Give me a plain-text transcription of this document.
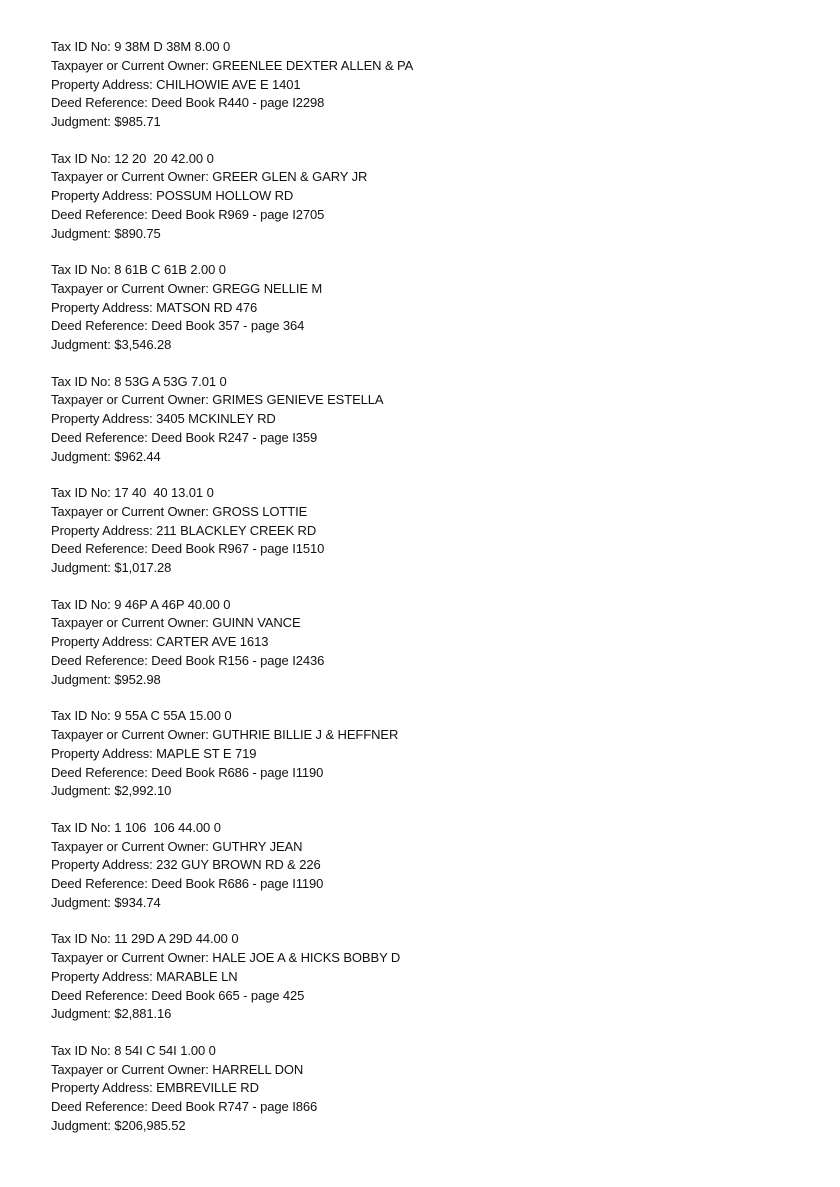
Tax ID No: 9 38M D 38M 8.00 0
Taxpayer or Current Owner: GREENLEE DEXTER ALLEN & PA
Property Address: CHILHOWIE AVE E 1401
Deed Reference: Deed Book R440 - page I2298
Judgment: $985.71
Tax ID No: 12 20  20 42.00 0
Taxpayer or Current Owner: GREER GLEN & GARY JR
Property Address: POSSUM HOLLOW RD
Deed Reference: Deed Book R969 - page I2705
Judgment: $890.75
Tax ID No: 8 61B C 61B 2.00 0
Taxpayer or Current Owner: GREGG NELLIE M
Property Address: MATSON RD 476
Deed Reference: Deed Book 357 - page 364
Judgment: $3,546.28
Tax ID No: 8 53G A 53G 7.01 0
Taxpayer or Current Owner: GRIMES GENIEVE ESTELLA
Property Address: 3405 MCKINLEY RD
Deed Reference: Deed Book R247 - page I359
Judgment: $962.44
Tax ID No: 17 40  40 13.01 0
Taxpayer or Current Owner: GROSS LOTTIE
Property Address: 211 BLACKLEY CREEK RD
Deed Reference: Deed Book R967 - page I1510
Judgment: $1,017.28
Tax ID No: 9 46P A 46P 40.00 0
Taxpayer or Current Owner: GUINN VANCE
Property Address: CARTER AVE 1613
Deed Reference: Deed Book R156 - page I2436
Judgment: $952.98
Tax ID No: 9 55A C 55A 15.00 0
Taxpayer or Current Owner: GUTHRIE BILLIE J & HEFFNER
Property Address: MAPLE ST E 719
Deed Reference: Deed Book R686 - page I1190
Judgment: $2,992.10
Tax ID No: 1 106  106 44.00 0
Taxpayer or Current Owner: GUTHRY JEAN
Property Address: 232 GUY BROWN RD & 226
Deed Reference: Deed Book R686 - page I1190
Judgment: $934.74
Tax ID No: 11 29D A 29D 44.00 0
Taxpayer or Current Owner: HALE JOE A & HICKS BOBBY D
Property Address: MARABLE LN
Deed Reference: Deed Book 665 - page 425
Judgment: $2,881.16
Tax ID No: 8 54I C 54I 1.00 0
Taxpayer or Current Owner: HARRELL DON
Property Address: EMBREVILLE RD
Deed Reference: Deed Book R747 - page I866
Judgment: $206,985.52
